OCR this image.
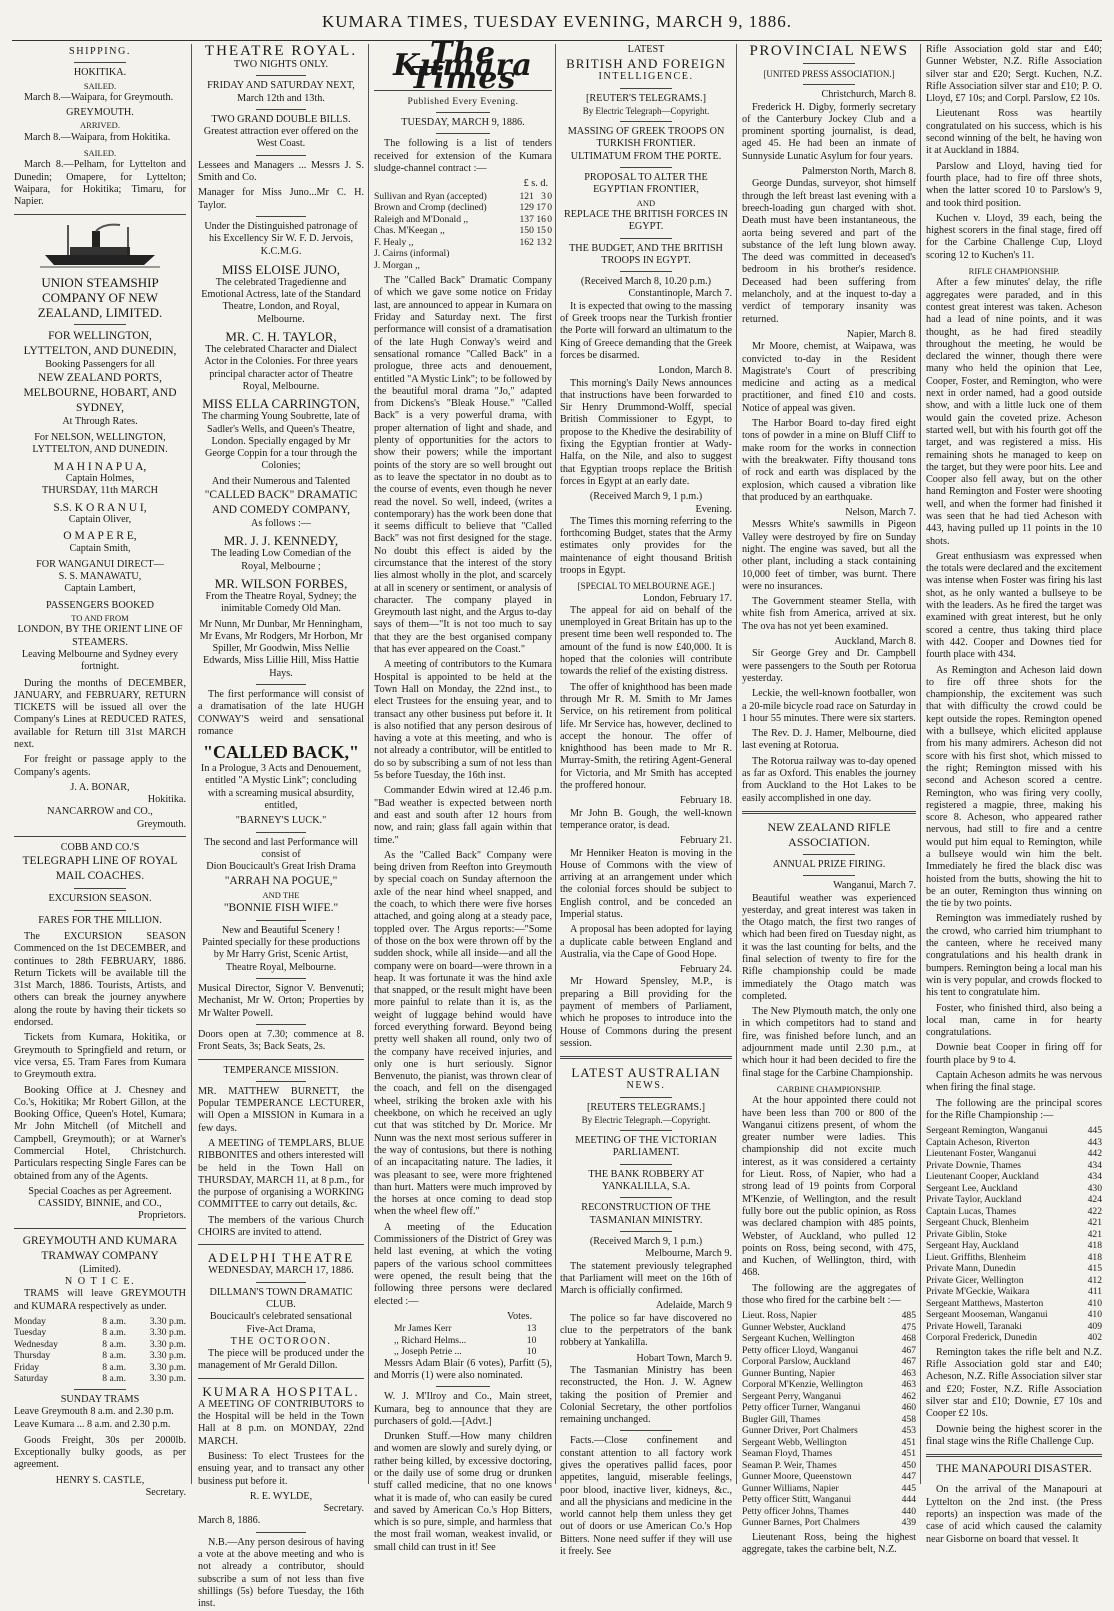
KUMARA TIMES, TUESDAY EVENING, MARCH 9, 1886.
SHIPPING.
HOKITIKA.
SAILED.

March 8.—Waipara, for Greymouth.

GREYMOUTH.
ARRIVED.

March 8.—Waipara, from Hokitika.

SAILED.

March 8.—Pelham, for Lyttelton and Dunedin; Omapere, for Lyttelton; Waipara, for Hokitika; Timaru, for Napier.

UNION STEAMSHIP COMPANY OF NEW ZEALAND, LIMITED.
FOR WELLINGTON, LYTTELTON, AND DUNEDIN,
Booking Passengers for all
NEW ZEALAND PORTS, MELBOURNE, HOBART, AND SYDNEY,
At Through Rates.
For NELSON, WELLINGTON, LYTTELTON, AND DUNEDIN.
M A H I N A P U A,
Captain Holmes,
THURSDAY, 11th MARCH
S.S. K O R A N U I,
Captain Oliver,
O M A P E R E,
Captain Smith,
FOR WANGANUI DIRECT—
S. S. MANAWATU,
Captain Lambert,
PASSENGERS BOOKED
TO AND FROM
LONDON, BY THE ORIENT LINE OF STEAMERS.
Leaving Melbourne and Sydney every fortnight.

During the months of DECEMBER, JANUARY, and FEBRUARY, RETURN TICKETS will be issued all over the Company's Lines at REDUCED RATES, available for Return till 31st MARCH next.

For freight or passage apply to the Company's agents.

J. A. BONAR,
Hokitika.
NANCARROW and CO.,
Greymouth.
COBB AND CO.'S
TELEGRAPH LINE OF ROYAL MAIL COACHES.
EXCURSION SEASON.
FARES FOR THE MILLION.

The EXCURSION SEASON Commenced on the 1st DECEMBER, and continues to 28th FEBRUARY, 1886. Return Tickets will be available till the 31st March, 1886. Tourists, Artists, and others can break the journey anywhere along the route by having their tickets so endorsed.

Tickets from Kumara, Hokitika, or Greymouth to Springfield and return, or vice versa, £5. Tram Fares from Kumara to Greymouth extra.

Booking Office at J. Chesney and Co.'s, Hokitika; Mr Robert Gillon, at the Booking Office, Queen's Hotel, Kumara; Mr John Mitchell (of Mitchell and Campbell, Greymouth); or at Warner's Commercial Hotel, Christchurch. Particulars respecting Single Fares can be obtained from any of the Agents.

Special Coaches as per Agreement.
CASSIDY, BINNIE, and CO.,
Proprietors.
GREYMOUTH AND KUMARA TRAMWAY COMPANY
(Limited).
N O T I C E.

TRAMS will leave GREYMOUTH and KUMARA respectively as under.

Monday	8 a.m.	3.30 p.m.
Tuesday	8 a.m.	3.30 p.m.
Wednesday	8 a.m.	3.30 p.m.
Thursday	8 a.m.	3.30 p.m.
Friday	8 a.m.	3.30 p.m.
Saturday	8 a.m.	3.30 p.m.
SUNDAY TRAMS
Leave Greymouth 8 a.m. and 2.30 p.m.
Leave Kumara ... 8 a.m. and 2.30 p.m.

Goods Freight, 30s per 2000lb. Exceptionally bulky goods, as per agreement.

HENRY S. CASTLE,
Secretary.
THEATRE ROYAL.
TWO NIGHTS ONLY.
FRIDAY AND SATURDAY NEXT,
March 12th and 13th.
TWO GRAND DOUBLE BILLS.
Greatest attraction ever offered on the West Coast.

Lessees and Managers ... Messrs J. S. Smith and Co.

Manager for Miss Juno...Mr C. H. Taylor.

Under the Distinguished patronage of his Excellency Sir W. F. D. Jervois, K.C.M.G.
MISS ELOISE JUNO,
The celebrated Tragedienne and Emotional Actress, late of the Standard Theatre, London, and Royal, Melbourne.
MR. C. H. TAYLOR,
The celebrated Character and Dialect Actor in the Colonies. For three years principal character actor of Theatre Royal, Melbourne.
MISS ELLA CARRINGTON,
The charming Young Soubrette, late of Sadler's Wells, and Queen's Theatre, London. Specially engaged by Mr George Coppin for a tour through the Colonies;
And their Numerous and Talented
"CALLED BACK" DRAMATIC AND COMEDY COMPANY,
As follows :—
MR. J. J. KENNEDY,
The leading Low Comedian of the Royal, Melbourne ;
MR. WILSON FORBES,
From the Theatre Royal, Sydney; the inimitable Comedy Old Man.

Mr Nunn, Mr Dunbar, Mr Henningham, Mr Evans, Mr Rodgers, Mr Horbon, Mr Spiller, Mr Goodwin, Miss Nellie Edwards, Miss Lillie Hill, Miss Hattie Hays.

The first performance will consist of a dramatisation of the late HUGH CONWAY'S weird and sensational romance

"CALLED BACK,"

In a Prologue, 3 Acts and Denouement, entitled "A Mystic Link"; concluding with a screaming musical absurdity, entitled,

"BARNEY'S LUCK."
The second and last Performance will consist of
Dion Boucicault's Great Irish Drama
"ARRAH NA POGUE,"
AND THE
"BONNIE FISH WIFE."
New and Beautiful Scenery !
Painted specially for these productions by Mr Harry Grist, Scenic Artist, Theatre Royal, Melbourne.

Musical Director, Signor V. Benvenuti; Mechanist, Mr W. Orton; Properties by Mr Walter Powell.

Doors open at 7.30; commence at 8. Front Seats, 3s; Back Seats, 2s.

TEMPERANCE MISSION.

MR. MATTHEW BURNETT, the Popular TEMPERANCE LECTURER, will Open a MISSION in Kumara in a few days.

A MEETING of TEMPLARS, BLUE RIBBONITES and others interested will be held in the Town Hall on THURSDAY, MARCH 11, at 8 p.m., for the purpose of organising a WORKING COMMITTEE to carry out details, &c.

The members of the various Church CHOIRS are invited to attend.

ADELPHI THEATRE
WEDNESDAY, MARCH 17, 1886.
DILLMAN'S TOWN DRAMATIC CLUB.
Boucicault's celebrated sensational Five-Act Drama,
THE OCTOROON.

The piece will be produced under the management of Mr Gerald Dillon.

KUMARA HOSPITAL.

A MEETING OF CONTRIBUTORS to the Hospital will be held in the Town Hall at 8 p.m. on MONDAY, 22nd MARCH.

Business: To elect Trustees for the ensuing year, and to transact any other business put before it.

R. E. WYLDE,
Secretary.
March 8, 1886.

N.B.—Any person desirous of having a vote at the above meeting and who is not already a contributor, should subscribe a sum of not less than five shillings (5s) before Tuesday, the 16th inst.

The Kumara Times
Published Every Evening.
TUESDAY, MARCH 9, 1886.

The following is a list of tenders received for extension of the Kumara sludge-channel contract :—

£ s. d.
Sullivan and Ryan (accepted)	121	3	0
Brown and Cromp (declined)	129	17	0
Raleigh and M'Donald ,,	137	16	0
Chas. M'Keegan ,,	150	15	0
F. Healy ,,	162	13	2
J. Cairns (informal)			
J. Morgan ,,			

The "Called Back" Dramatic Company of which we gave some notice on Friday last, are announced to appear in Kumara on Friday and Saturday next. The first performance will consist of a dramatisation of the late Hugh Conway's weird and sensational romance "Called Back" in a prologue, three acts and denouement, entitled "A Mystic Link"; to be followed by the beautiful moral drama "Jo," adapted from Dickens's "Bleak House." "Called Back" is a very powerful drama, with proper alternation of light and shade, and plenty of opportunities for the actors to show their powers; while the important points of the story are so well brought out as to leave the spectator in no doubt as to the course of events, even though he never read the novel. So well, indeed, (writes a contemporary) has the work been done that it seems difficult to believe that "Called Back" was not first designed for the stage. No doubt this effect is aided by the circumstance that the interest of the story lies almost wholly in the plot, and scarcely at all in scenery or sentiment, or analysis of character. The company played in Greymouth last night, and the Argus to-day says of them—"It is not too much to say that they are the best organised company that has ever appeared on the Coast."

A meeting of contributors to the Kumara Hospital is appointed to be held at the Town Hall on Monday, the 22nd inst., to elect Trustees for the ensuing year, and to transact any other business put before it. It is also notified that any person desirous of having a vote at this meeting, and who is not already a contributor, will be entitled to do so by subscribing a sum of not less than 5s before Tuesday, the 16th inst.

Commander Edwin wired at 12.46 p.m. "Bad weather is expected between north and east and south after 12 hours from now, and rain; glass fall again within that time."

As the "Called Back" Company were being driven from Reefton into Greymouth by special coach on Sunday afternoon the axle of the near hind wheel snapped, and the coach, to which there were five horses attached, and going along at a steady pace, toppled over. The Argus reports:—"Some of those on the box were thrown off by the sudden shock, while all inside—and all the company were on board—were thrown in a heap. It was fortunate it was the hind axle that snapped, or the result might have been more painful to relate than it is, as the weight of luggage behind would have forced everything forward. Beyond being pretty well shaken all round, only two of the company have received injuries, and only one is hurt seriously. Signor Benvenuto, the pianist, was thrown clear of the coach, and fell on the disengaged wheel, striking the broken axle with his cheekbone, on which he received an ugly cut that was stitched by Dr. Morice. Mr Nunn was the next most serious sufferer in the way of contusions, but there is nothing of an incapacitating nature. The ladies, it was pleasant to see, were more frightened than hurt. Matters were much improved by the horses at once coming to dead stop when the wheel flew off."

A meeting of the Education Commissioners of the District of Grey was held last evening, at which the voting papers of the various school committees were opened, the result being that the following three persons were declared elected :—

Votes.
Mr James Kerr	13
,, Richard Helms...	10
,, Joseph Petrie ...	10

Messrs Adam Blair (6 votes), Parfitt (5), and Morris (1) were also nominated.

W. J. M'Ilroy and Co., Main street, Kumara, beg to announce that they are purchasers of gold.—[Advt.]

Drunken Stuff.—How many children and women are slowly and surely dying, or rather being killed, by excessive doctoring, or the daily use of some drug or drunken stuff called medicine, that no one knows what it is made of, who can easily be cured and saved by American Co.'s Hop Bitters, which is so pure, simple, and harmless that the most frail woman, weakest invalid, or small child can trust in it! See

LATEST
BRITISH AND FOREIGN
INTELLIGENCE.
[REUTER'S TELEGRAMS.]
By Electric Telegraph—Copyright.
MASSING OF GREEK TROOPS ON TURKISH FRONTIER.
ULTIMATUM FROM THE PORTE.
PROPOSAL TO ALTER THE EGYPTIAN FRONTIER,
AND
REPLACE THE BRITISH FORCES IN EGYPT.
THE BUDGET, AND THE BRITISH TROOPS IN EGYPT.
(Received March 8, 10.20 p.m.)
Constantinople, March 7.

It is expected that owing to the massing of Greek troops near the Turkish frontier the Porte will forward an ultimatum to the King of Greece demanding that the Greek forces be disarmed.

London, March 8.

This morning's Daily News announces that instructions have been forwarded to Sir Henry Drummond-Wolff, special British Commissioner to Egypt, to propose to the Khedive the desirability of fixing the Egyptian frontier at Wady-Halfa, on the Nile, and also to suggest that Egyptian troops replace the British forces in Egypt at an early date.

(Received March 9, 1 p.m.)
Evening.

The Times this morning referring to the forthcoming Budget, states that the Army estimates only provides for the maintenance of eight thousand British troops in Egypt.

[SPECIAL TO MELBOURNE AGE.]
London, February 17.

The appeal for aid on behalf of the unemployed in Great Britain has up to the present time been well responded to. The amount of the fund is now £40,000. It is hoped that the colonies will contribute towards the relief of the existing distress.

The offer of knighthood has been made through Mr R. M. Smith to Mr James Service, on his retirement from political life. Mr Service has, however, declined to accept the honour. The offer of knighthood has been made to Mr R. Murray-Smith, the retiring Agent-General for Victoria, and Mr Smith has accepted the proffered honour.

February 18.

Mr John B. Gough, the well-known temperance orator, is dead.

February 21.

Mr Henniker Heaton is moving in the House of Commons with the view of arriving at an arrangement under which the colonial forces should be subject to English control, and be conceded an Imperial status.

A proposal has been adopted for laying a duplicate cable between England and Australia, via the Cape of Good Hope.

February 24.

Mr Howard Spensley, M.P., is preparing a Bill providing for the payment of members of Parliament, which he proposes to introduce into the House of Commons during the present session.

LATEST AUSTRALIAN
NEWS.
[REUTERS TELEGRAMS.]
By Electric Telegraph.—Copyright.
MEETING OF THE VICTORIAN PARLIAMENT.
THE BANK ROBBERY AT YANKALILLA, S.A.
RECONSTRUCTION OF THE TASMANIAN MINISTRY.
(Received March 9, 1 p.m.)
Melbourne, March 9.

The statement previously telegraphed that Parliament will meet on the 16th of March is officially confirmed.

Adelaide, March 9

The police so far have discovered no clue to the perpetrators of the bank robbery at Yankalilla.

Hobart Town, March 9.

The Tasmanian Ministry has been reconstructed, the Hon. J. W. Agnew taking the position of Premier and Colonial Secretary, the other portfolios remaining unchanged.

Facts.—Close confinement and constant attention to all factory work gives the operatives pallid faces, poor appetites, languid, miserable feelings, poor blood, inactive liver, kidneys, &c., and all the physicians and medicine in the world cannot help them unless they get out of doors or use American Co.'s Hop Bitters. None need suffer if they will use it freely. See

PROVINCIAL NEWS
[UNITED PRESS ASSOCIATION.]
Christchurch, March 8.

Frederick H. Digby, formerly secretary of the Canterbury Jockey Club and a prominent sporting journalist, is dead, aged 45. He had been an inmate of Sunnyside Lunatic Asylum for four years.

Palmerston North, March 8.

George Dundas, surveyor, shot himself through the left breast last evening with a breech-loading gun charged with shot. Death must have been instantaneous, the aorta being severed and part of the substance of the left lung blown away. The deed was committed in deceased's bedroom in his brother's residence. Deceased had been suffering from melancholy, and at the inquest to-day a verdict of temporary insanity was returned.

Napier, March 8.

Mr Moore, chemist, at Waipawa, was convicted to-day in the Resident Magistrate's Court of prescribing medicine and acting as a medical practitioner, and fined £10 and costs. Notice of appeal was given.

The Harbor Board to-day fired eight tons of powder in a mine on Bluff Cliff to make room for the works in connection with the breakwater. Fifty thousand tons of rock and earth was displaced by the explosion, which caused a vibration like that produced by an earthquake.

Nelson, March 7.

Messrs White's sawmills in Pigeon Valley were destroyed by fire on Sunday night. The engine was saved, but all the other plant, including a stack containing 10,000 feet of timber, was burnt. There were no insurances.

The Government steamer Stella, with white fish from America, arrived at six. The ova has not yet been examined.

Auckland, March 8.

Sir George Grey and Dr. Campbell were passengers to the South per Rotorua yesterday.

Leckie, the well-known footballer, won a 20-mile bicycle road race on Saturday in 1 hour 55 minutes. There were six starters.

The Rev. D. J. Hamer, Melbourne, died last evening at Rotorua.

The Rotorua railway was to-day opened as far as Oxford. This enables the journey from Auckland to the Hot Lakes to be easily accomplished in one day.

NEW ZEALAND RIFLE ASSOCIATION.
ANNUAL PRIZE FIRING.
Wanganui, March 7.

Beautiful weather was experienced yesterday, and great interest was taken in the Otago match, the first two ranges of which had been fired on Tuesday night, as it was the last counting for belts, and the final selection of twenty to fire for the Rifle championship could be made immediately the Otago match was completed.

The New Plymouth match, the only one in which competitors had to stand and fire, was finished before lunch, and an adjournment made until 2.30 p.m., at which hour it had been decided to fire the final stage for the Carbine Championship.

CARBINE CHAMPIONSHIP.

At the hour appointed there could not have been less than 700 or 800 of the Wanganui citizens present, of whom the greater number were ladies. This championship did not excite much interest, as it was considered a certainty for Lieut. Ross, of Napier, who had a strong lead of 19 points from Corporal M'Kenzie, of Wellington, and the result fully bore out the public opinion, as Ross was declared champion with 485 points, Webster, of Auckland, who pulled 12 points on Ross, being second, with 475, and Kuchen, of Wellington, third, with 468.

The following are the aggregates of those who fired for the carbine belt :—

Lieut. Ross, Napier	485
Gunner Webster, Auckland	475
Sergeant Kuchen, Wellington	468
Petty officer Lloyd, Wanganui	467
Corporal Parslow, Auckland	467
Gunner Bunting, Napier	463
Corporal M'Kenzie, Wellington	463
Sergeant Perry, Wanganui	462
Petty officer Turner, Wanganui	460
Bugler Gill, Thames	458
Gunner Driver, Port Chalmers	453
Sergeant Webb, Wellington	451
Seaman Floyd, Thames	451
Seaman P. Weir, Thames	450
Gunner Moore, Queenstown	447
Gunner Williams, Napier	445
Petty officer Stitt, Wanganui	444
Petty officer Johns, Thames	440
Gunner Barnes, Port Chalmers	439

Lieutenant Ross, being the highest aggregate, takes the carbine belt, N.Z.

Rifle Association gold star and £40; Gunner Webster, N.Z. Rifle Association silver star and £20; Sergt. Kuchen, N.Z. Rifle Association silver star and £10; P. O. Lloyd, £7 10s; and Corpl. Parslow, £2 10s.

Lieutenant Ross was heartily congratulated on his success, which is his second winning of the belt, he having won it at Auckland in 1884.

Parslow and Lloyd, having tied for fourth place, had to fire off three shots, when the latter scored 10 to Parslow's 9, and took third position.

Kuchen v. Lloyd, 39 each, being the highest scorers in the final stage, fired off for the Carbine Challenge Cup, Lloyd scoring 12 to Kuchen's 11.

RIFLE CHAMPIONSHIP.

After a few minutes' delay, the rifle aggregates were paraded, and in this contest great interest was taken. Acheson had a lead of nine points, and it was thought, as he had fired steadily throughout the meeting, he would be declared the winner, though there were many who held the opinion that Lee, Cooper, Foster, and Remington, who were next in order named, had a good outside show, and with a little luck one of them would gain the coveted prize. Acheson started well, but with his fourth got off the target, and was registered a miss. His remaining shots he managed to keep on the target, but they were poor hits. Lee and Cooper also fell away, but on the other hand Remington and Foster were shooting well, and when the former had finished it was seen that he had tied Acheson with 443, having pulled up 11 points in the 10 shots.

Great enthusiasm was expressed when the totals were declared and the excitement was intense when Foster was firing his last shot, as he only wanted a bullseye to be with the leaders. As he fired the target was examined with great interest, but he only scored a centre, thus taking third place with 442. Cooper and Downes tied for fourth place with 434.

As Remington and Acheson laid down to fire off three shots for the championship, the excitement was such that with difficulty the crowd could be kept outside the ropes. Remington opened with a bullseye, which elicited applause from his many admirers. Acheson did not score with his first shot, which missed to the right; Remington missed with his second and Acheson scored a centre. Remington, who was firing very coolly, registered a magpie, three, making his score 8. Acheson, who appeared rather nervous, had still to fire and a centre would put him equal to Remington, while a bullseye would win him the belt. Immediately he fired the black disc was hoisted from the butts, showing the hit to be an outer, Remington thus winning on the tie by two points.

Remington was immediately rushed by the crowd, who carried him triumphant to the canteen, where he received many congratulations and his health drank in bumpers. Remington being a local man his win is very popular, and crowds flocked to his tent to congratulate him.

Foster, who finished third, also being a local man, came in for hearty congratulations.

Downie beat Cooper in firing off for fourth place by 9 to 4.

Captain Acheson admits he was nervous when firing the final stage.

The following are the principal scores for the Rifle Championship :—

Sergeant Remington, Wanganui	445
Captain Acheson, Riverton	443
Lieutenant Foster, Wanganui	442
Private Downie, Thames	434
Lieutenant Cooper, Auckland	434
Sergeant Lee, Auckland	430
Private Taylor, Auckland	424
Captain Lucas, Thames	422
Sergeant Chuck, Blenheim	421
Private Giblin, Stoke	421
Sergeant Hay, Auckland	418
Lieut. Griffiths, Blenheim	418
Private Mann, Dunedin	415
Private Gicer, Wellington	412
Private M'Geckie, Waikara	411
Sergeant Matthews, Masterton	410
Sergeant Mooseman, Wanganui	410
Private Howell, Taranaki	409
Corporal Frederick, Dunedin	402

Remington takes the rifle belt and N.Z. Rifle Association gold star and £40; Acheson, N.Z. Rifle Association silver star and £20; Foster, N.Z. Rifle Association silver star and £10; Downie, £7 10s and Cooper £2 10s.

Downie being the highest scorer in the final stage wins the Rifle Challenge Cup.

THE MANAPOURI DISASTER.

On the arrival of the Manapouri at Lyttelton on the 2nd inst. (the Press reports) an inspection was made of the case of acid which caused the calamity near Gisborne on board that vessel. It
